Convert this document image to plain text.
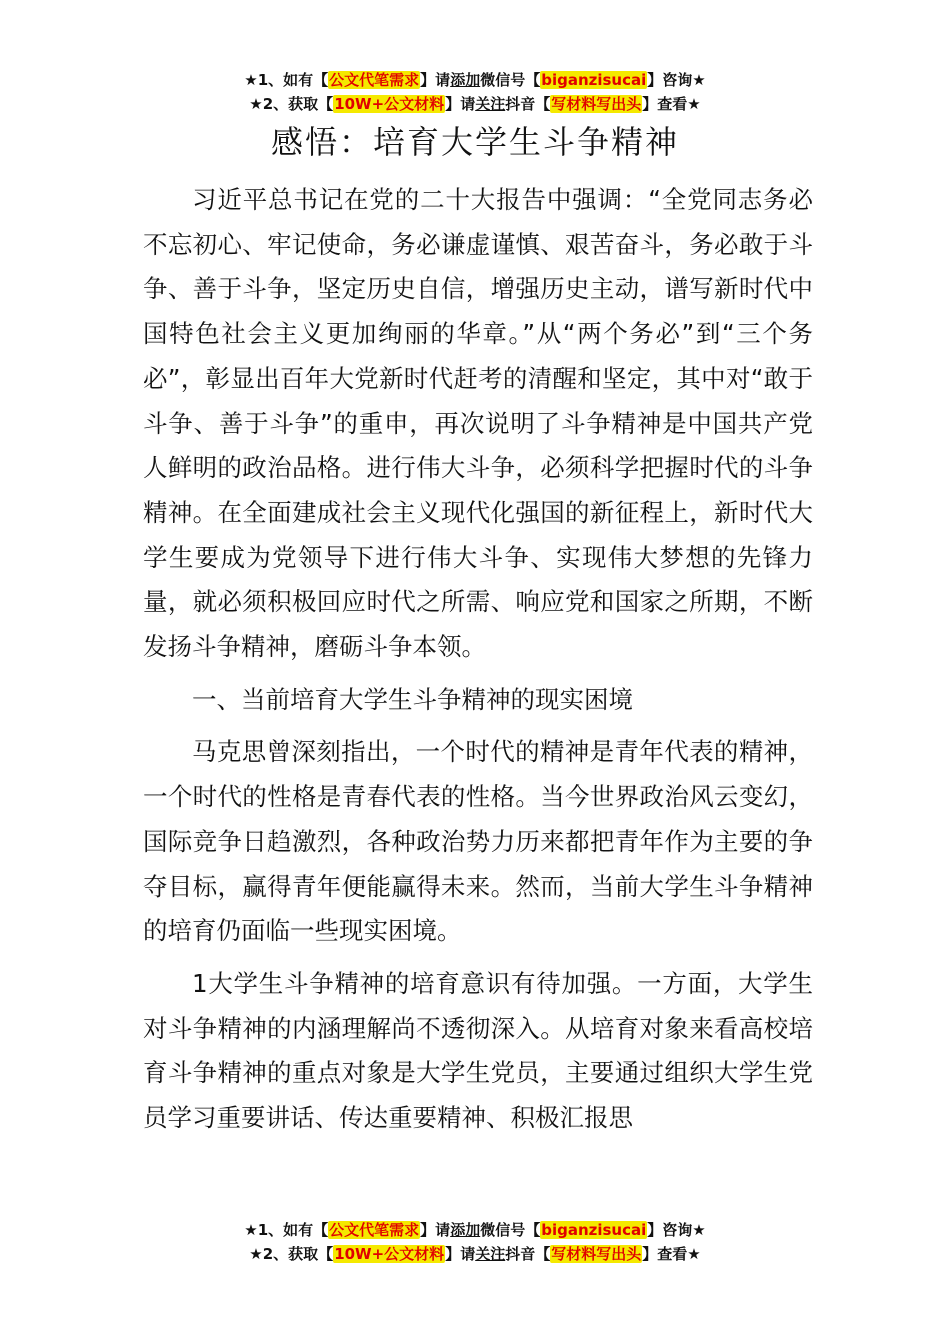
★1、如有【公文代笔需求】请添加微信号【biganzisucai】咨询★
★2、获取【10W+公文材料】请关注抖音【写材料写出头】查看★
感悟：培育大学生斗争精神

习近平总书记在党的二十大报告中强调：“全党同志务必不忘初心、牢记使命，务必谦虚谨慎、艰苦奋斗，务必敢于斗争、善于斗争，坚定历史自信，增强历史主动，谱写新时代中国特色社会主义更加绚丽的华章。”从“两个务必”到“三个务必”，彰显出百年大党新时代赶考的清醒和坚定，其中对“敢于斗争、善于斗争”的重申，再次说明了斗争精神是中国共产党人鲜明的政治品格。进行伟大斗争，必须科学把握时代的斗争精神。在全面建成社会主义现代化强国的新征程上，新时代大学生要成为党领导下进行伟大斗争、实现伟大梦想的先锋力量，就必须积极回应时代之所需、响应党和国家之所期，不断发扬斗争精神，磨砺斗争本领。

一、当前培育大学生斗争精神的现实困境

马克思曾深刻指出，一个时代的精神是青年代表的精神，一个时代的性格是青春代表的性格。当今世界政治风云变幻，国际竞争日趋激烈，各种政治势力历来都把青年作为主要的争夺目标，赢得青年便能赢得未来。然而，当前大学生斗争精神的培育仍面临一些现实困境。

1大学生斗争精神的培育意识有待加强。一方面，大学生对斗争精神的内涵理解尚不透彻深入。从培育对象来看高校培育斗争精神的重点对象是大学生党员，主要通过组织大学生党员学习重要讲话、传达重要精神、积极汇报思

★1、如有【公文代笔需求】请添加微信号【biganzisucai】咨询★
★2、获取【10W+公文材料】请关注抖音【写材料写出头】查看★
